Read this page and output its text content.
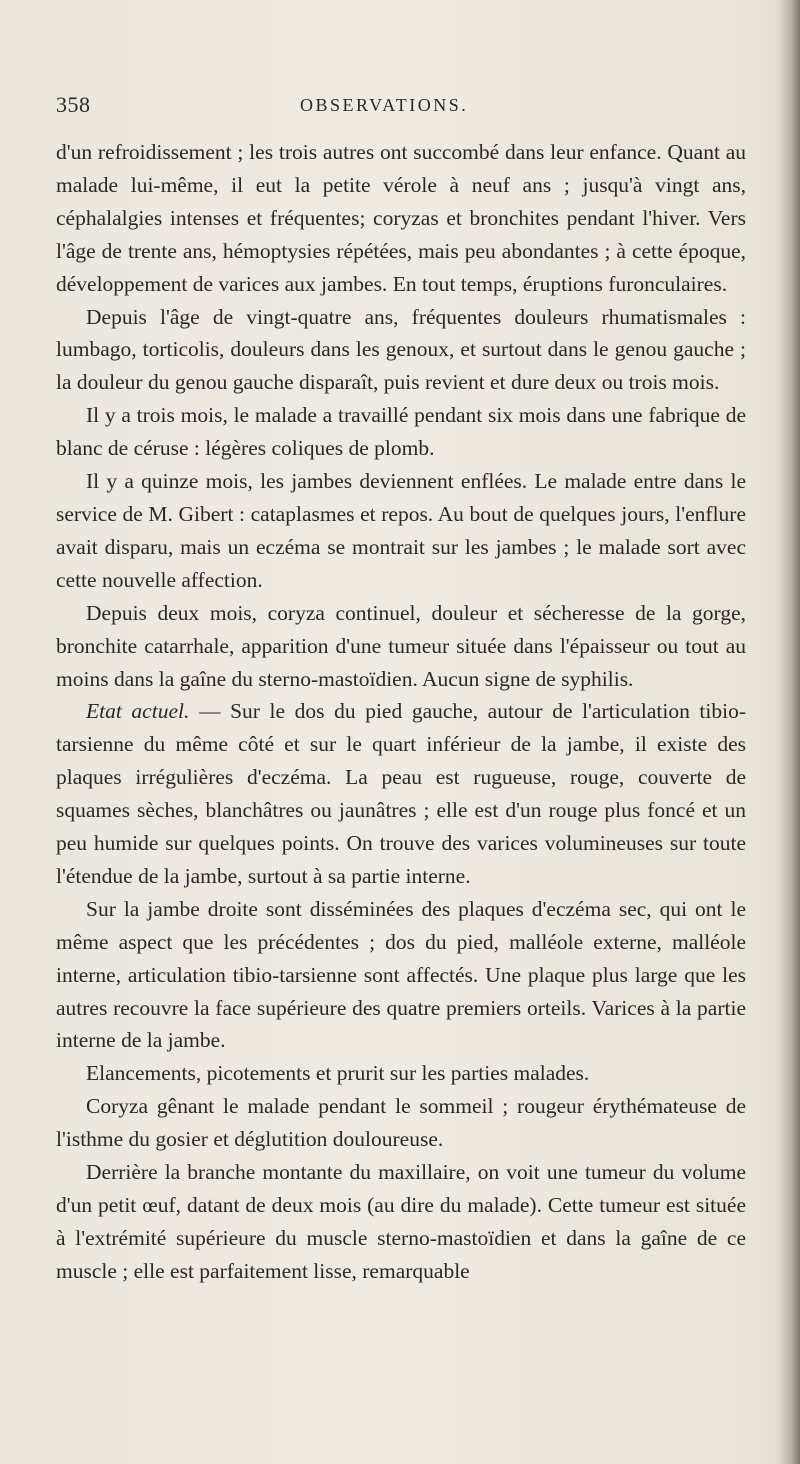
358	OBSERVATIONS.

d'un refroidissement ; les trois autres ont succombé dans leur enfance. Quant au malade lui-même, il eut la petite vérole à neuf ans ; jusqu'à vingt ans, céphalalgies intenses et fréquentes; coryzas et bronchites pendant l'hiver. Vers l'âge de trente ans, hémoptysies répétées, mais peu abondantes ; à cette époque, développement de varices aux jambes. En tout temps, éruptions furonculaires.

Depuis l'âge de vingt-quatre ans, fréquentes douleurs rhumatismales : lumbago, torticolis, douleurs dans les genoux, et surtout dans le genou gauche ; la douleur du genou gauche disparaît, puis revient et dure deux ou trois mois.

Il y a trois mois, le malade a travaillé pendant six mois dans une fabrique de blanc de céruse : légères coliques de plomb.

Il y a quinze mois, les jambes deviennent enflées. Le malade entre dans le service de M. Gibert : cataplasmes et repos. Au bout de quelques jours, l'enflure avait disparu, mais un eczéma se montrait sur les jambes ; le malade sort avec cette nouvelle affection.

Depuis deux mois, coryza continuel, douleur et sécheresse de la gorge, bronchite catarrhale, apparition d'une tumeur située dans l'épaisseur ou tout au moins dans la gaîne du sterno-mastoïdien. Aucun signe de syphilis.

Etat actuel. — Sur le dos du pied gauche, autour de l'articulation tibio-tarsienne du même côté et sur le quart inférieur de la jambe, il existe des plaques irrégulières d'eczéma. La peau est rugueuse, rouge, couverte de squames sèches, blanchâtres ou jaunâtres ; elle est d'un rouge plus foncé et un peu humide sur quelques points. On trouve des varices volumineuses sur toute l'étendue de la jambe, surtout à sa partie interne.

Sur la jambe droite sont disséminées des plaques d'eczéma sec, qui ont le même aspect que les précédentes ; dos du pied, malléole externe, malléole interne, articulation tibio-tarsienne sont affectés. Une plaque plus large que les autres recouvre la face supérieure des quatre premiers orteils. Varices à la partie interne de la jambe.

Elancements, picotements et prurit sur les parties malades.

Coryza gênant le malade pendant le sommeil ; rougeur érythémateuse de l'isthme du gosier et déglutition douloureuse.

Derrière la branche montante du maxillaire, on voit une tumeur du volume d'un petit œuf, datant de deux mois (au dire du malade). Cette tumeur est située à l'extrémité supérieure du muscle sterno-mastoïdien et dans la gaîne de ce muscle ; elle est parfaitement lisse, remarquable
